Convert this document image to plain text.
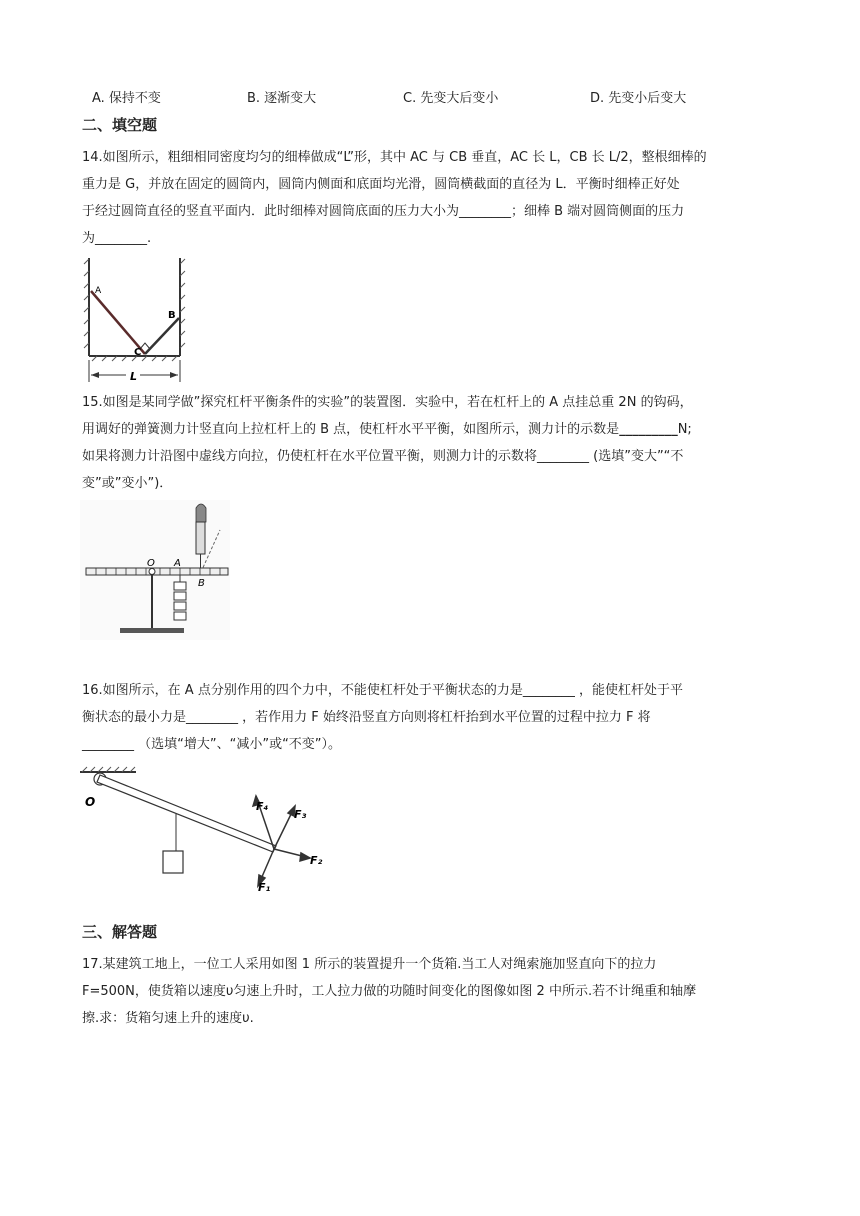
A. 保持不变	B. 逐渐变大	C. 先变大后变小	D. 先变小后变大
二、填空题
14.如图所示，粗细相同密度均匀的细棒做成“L”形，其中 AC 与 CB 垂直，AC 长 L，CB 长 L/2，整根细棒的
重力是 G，并放在固定的圆筒内，圆筒内侧面和底面均光滑，圆筒横截面的直径为 L．平衡时细棒正好处
于经过圆筒直径的竖直平面内．此时细棒对圆筒底面的压力大小为________；细棒 B 端对圆筒侧面的压力
为________.
A
B
C
L
15.如图是某同学做”探究杠杆平衡条件的实验”的装置图．实验中，若在杠杆上的 A 点挂总重 2N 的钩码，
用调好的弹簧测力计竖直向上拉杠杆上的 B 点，使杠杆水平平衡，如图所示，测力计的示数是_________N;
如果将测力计沿图中虚线方向拉，仍使杠杆在水平位置平衡，则测力计的示数将________ (选填”变大”“不
变”或”变小”)．
O A
B
16.如图所示，在 A 点分别作用的四个力中，不能使杠杆处于平衡状态的力是________ ，能使杠杆处于平
衡状态的最小力是________ ，若作用力 F 始终沿竖直方向则将杠杆抬到水平位置的过程中拉力 F 将
________ （选填“增大”、“减小”或“不变”）。
O
F₁
F₂
F₃
F₄
三、解答题
17.某建筑工地上，一位工人采用如图 1 所示的装置提升一个货箱.当工人对绳索施加竖直向下的拉力
F=500N，使货箱以速度υ匀速上升时，工人拉力做的功随时间变化的图像如图 2 中所示.若不计绳重和轴摩
擦.求：货箱匀速上升的速度υ.
